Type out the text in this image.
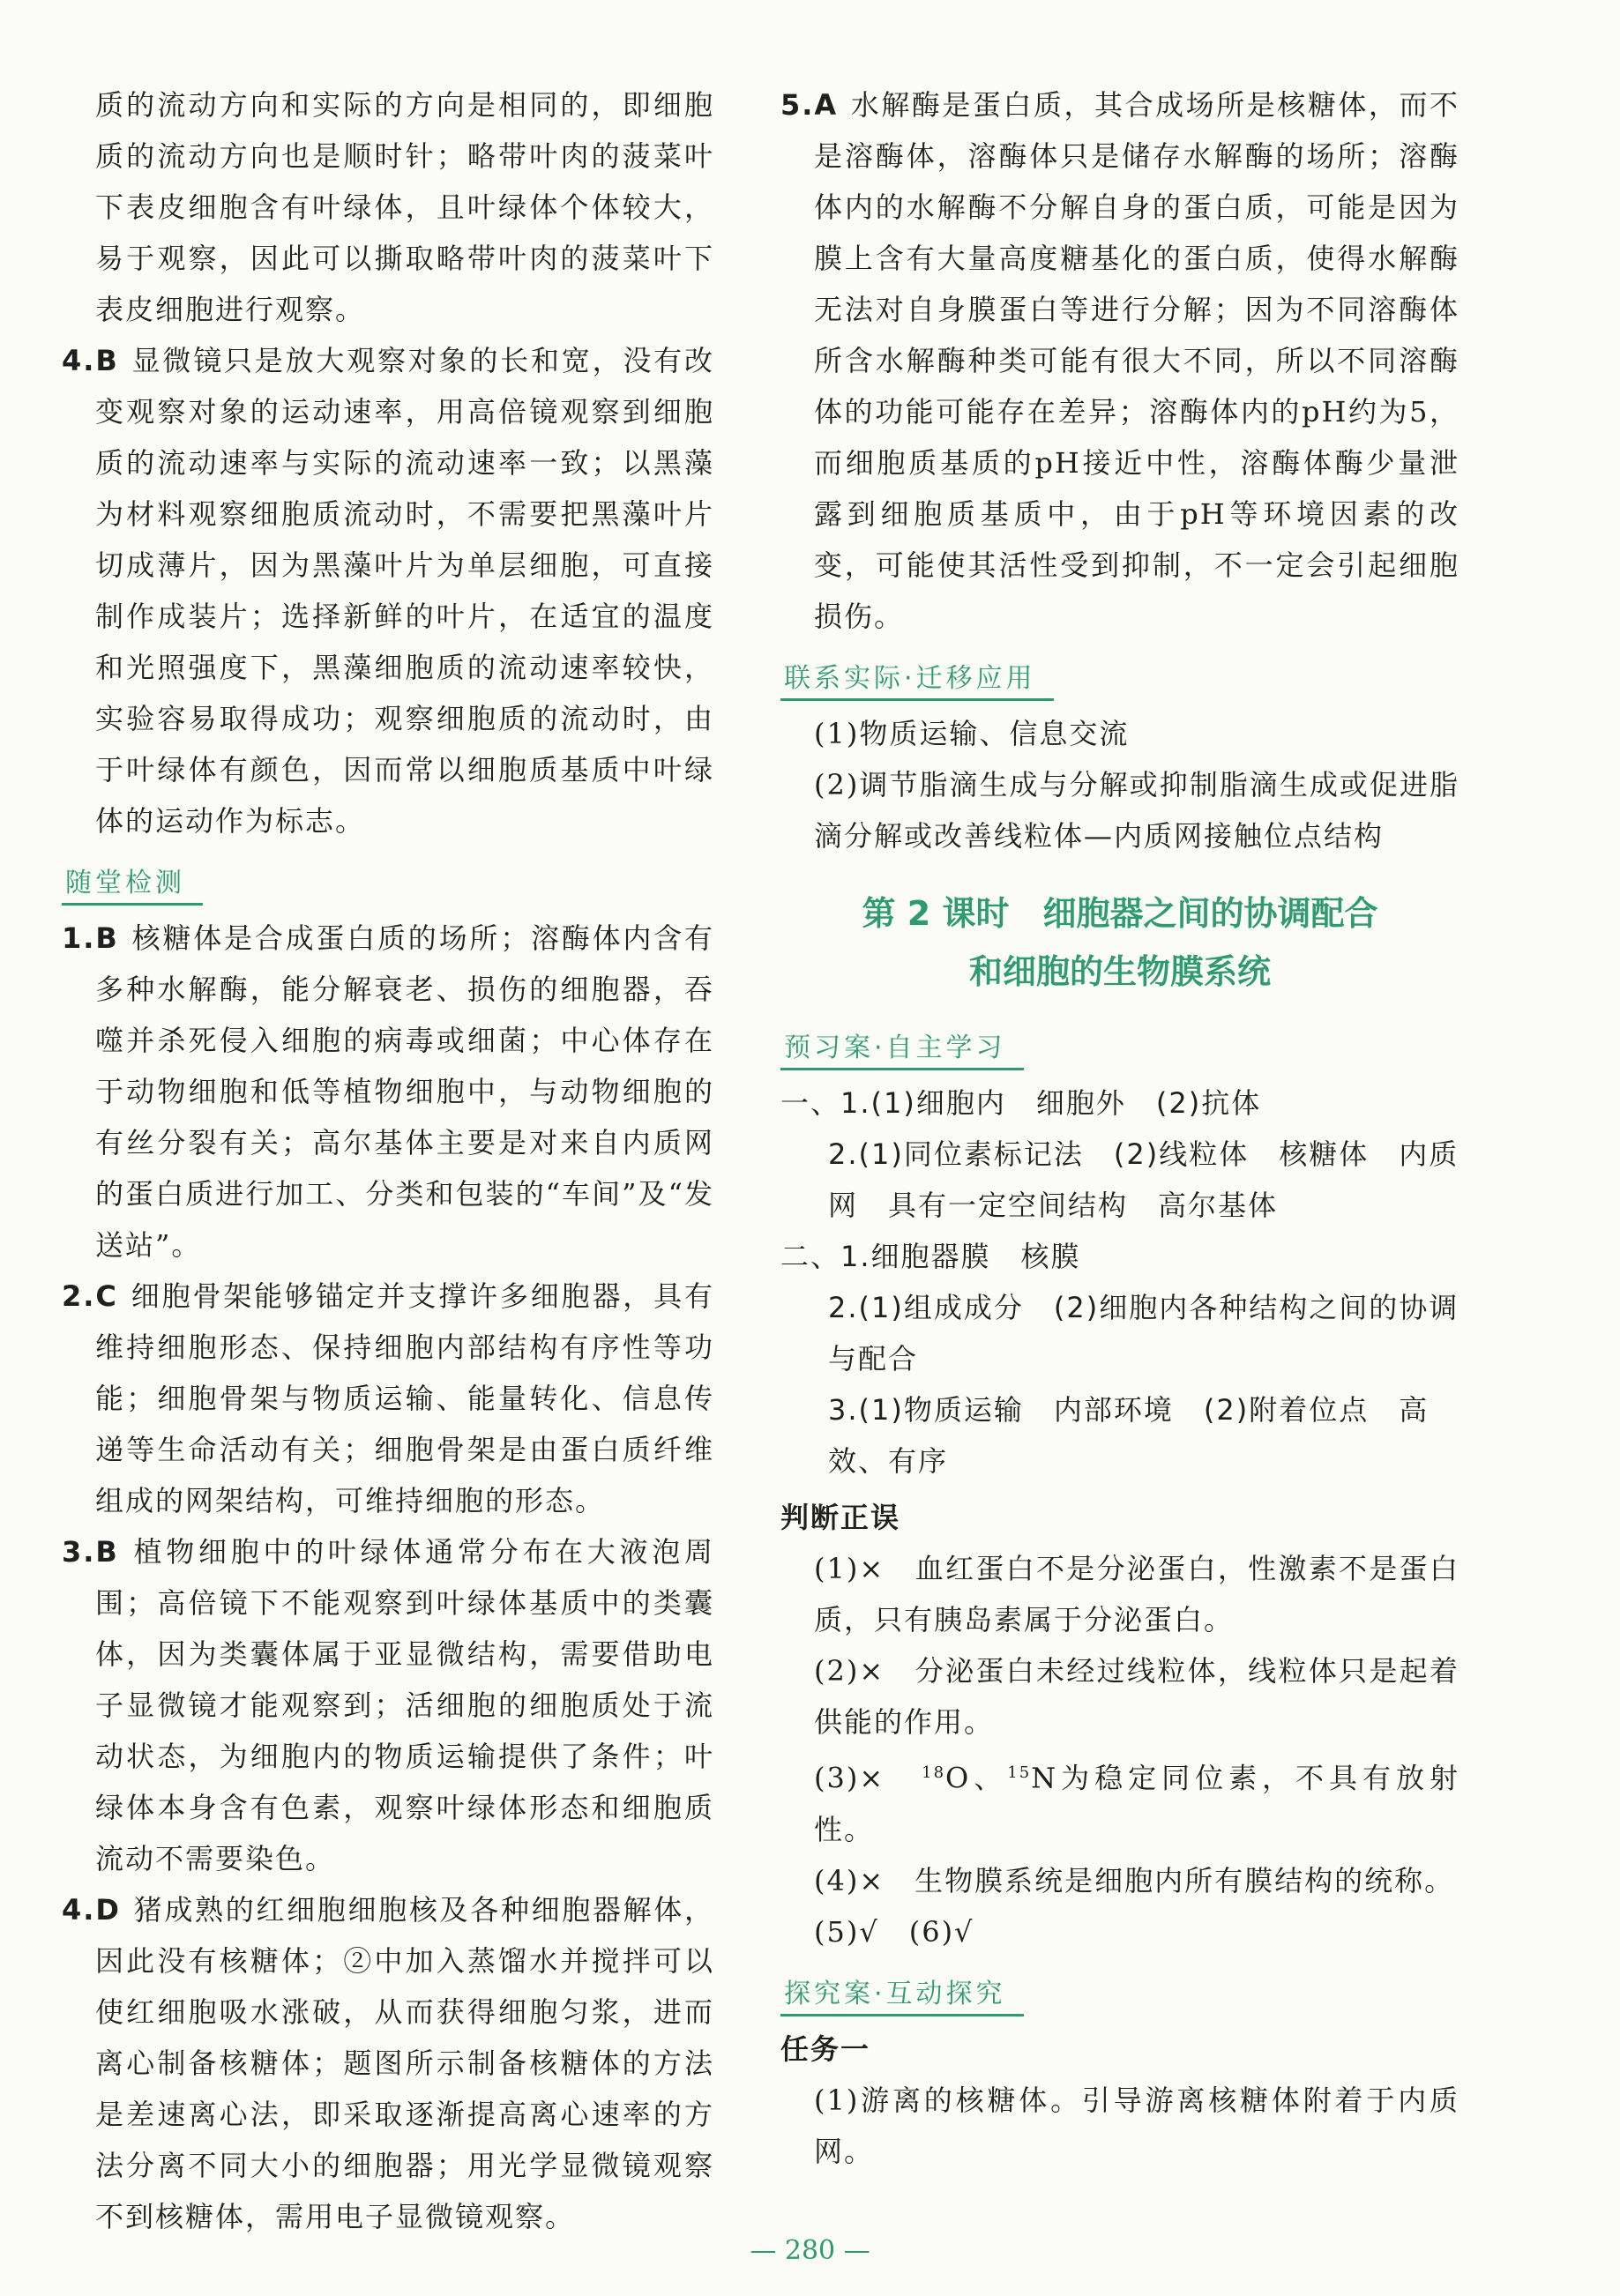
质的流动方向和实际的方向是相同的，即细胞质的流动方向也是顺时针；略带叶肉的菠菜叶下表皮细胞含有叶绿体，且叶绿体个体较大，易于观察，因此可以撕取略带叶肉的菠菜叶下表皮细胞进行观察。
4.B 显微镜只是放大观察对象的长和宽，没有改变观察对象的运动速率，用高倍镜观察到细胞质的流动速率与实际的流动速率一致；以黑藻为材料观察细胞质流动时，不需要把黑藻叶片切成薄片，因为黑藻叶片为单层细胞，可直接制作成装片；选择新鲜的叶片，在适宜的温度和光照强度下，黑藻细胞质的流动速率较快，实验容易取得成功；观察细胞质的流动时，由于叶绿体有颜色，因而常以细胞质基质中叶绿体的运动作为标志。
随堂检测
1.B 核糖体是合成蛋白质的场所；溶酶体内含有多种水解酶，能分解衰老、损伤的细胞器，吞噬并杀死侵入细胞的病毒或细菌；中心体存在于动物细胞和低等植物细胞中，与动物细胞的有丝分裂有关；高尔基体主要是对来自内质网的蛋白质进行加工、分类和包装的“车间”及“发送站”。
2.C 细胞骨架能够锚定并支撑许多细胞器，具有维持细胞形态、保持细胞内部结构有序性等功能；细胞骨架与物质运输、能量转化、信息传递等生命活动有关；细胞骨架是由蛋白质纤维组成的网架结构，可维持细胞的形态。
3.B 植物细胞中的叶绿体通常分布在大液泡周围；高倍镜下不能观察到叶绿体基质中的类囊体，因为类囊体属于亚显微结构，需要借助电子显微镜才能观察到；活细胞的细胞质处于流动状态，为细胞内的物质运输提供了条件；叶绿体本身含有色素，观察叶绿体形态和细胞质流动不需要染色。
4.D 猪成熟的红细胞细胞核及各种细胞器解体，因此没有核糖体；②中加入蒸馏水并搅拌可以使红细胞吸水涨破，从而获得细胞匀浆，进而离心制备核糖体；题图所示制备核糖体的方法是差速离心法，即采取逐渐提高离心速率的方法分离不同大小的细胞器；用光学显微镜观察不到核糖体，需用电子显微镜观察。
5.A 水解酶是蛋白质，其合成场所是核糖体，而不是溶酶体，溶酶体只是储存水解酶的场所；溶酶体内的水解酶不分解自身的蛋白质，可能是因为膜上含有大量高度糖基化的蛋白质，使得水解酶无法对自身膜蛋白等进行分解；因为不同溶酶体所含水解酶种类可能有很大不同，所以不同溶酶体的功能可能存在差异；溶酶体内的pH约为5，而细胞质基质的pH接近中性，溶酶体酶少量泄露到细胞质基质中，由于pH等环境因素的改变，可能使其活性受到抑制，不一定会引起细胞损伤。
联系实际·迁移应用
(1)物质运输、信息交流
(2)调节脂滴生成与分解或抑制脂滴生成或促进脂滴分解或改善线粒体—内质网接触位点结构
第 2 课时　细胞器之间的协调配合
和细胞的生物膜系统
预习案·自主学习
一、1.(1)细胞内　细胞外　(2)抗体
2.(1)同位素标记法　(2)线粒体　核糖体　内质网　具有一定空间结构　高尔基体
二、1.细胞器膜　核膜
2.(1)组成成分　(2)细胞内各种结构之间的协调与配合
3.(1)物质运输　内部环境　(2)附着位点　高效、有序
判断正误
(1)×　血红蛋白不是分泌蛋白，性激素不是蛋白质，只有胰岛素属于分泌蛋白。
(2)×　分泌蛋白未经过线粒体，线粒体只是起着供能的作用。
(3)×　$^{18}$O、$^{15}$N为稳定同位素，不具有放射性。
(4)×　生物膜系统是细胞内所有膜结构的统称。
(5)√　(6)√
探究案·互动探究
任务一
(1)游离的核糖体。引导游离核糖体附着于内质网。
— 280 —
